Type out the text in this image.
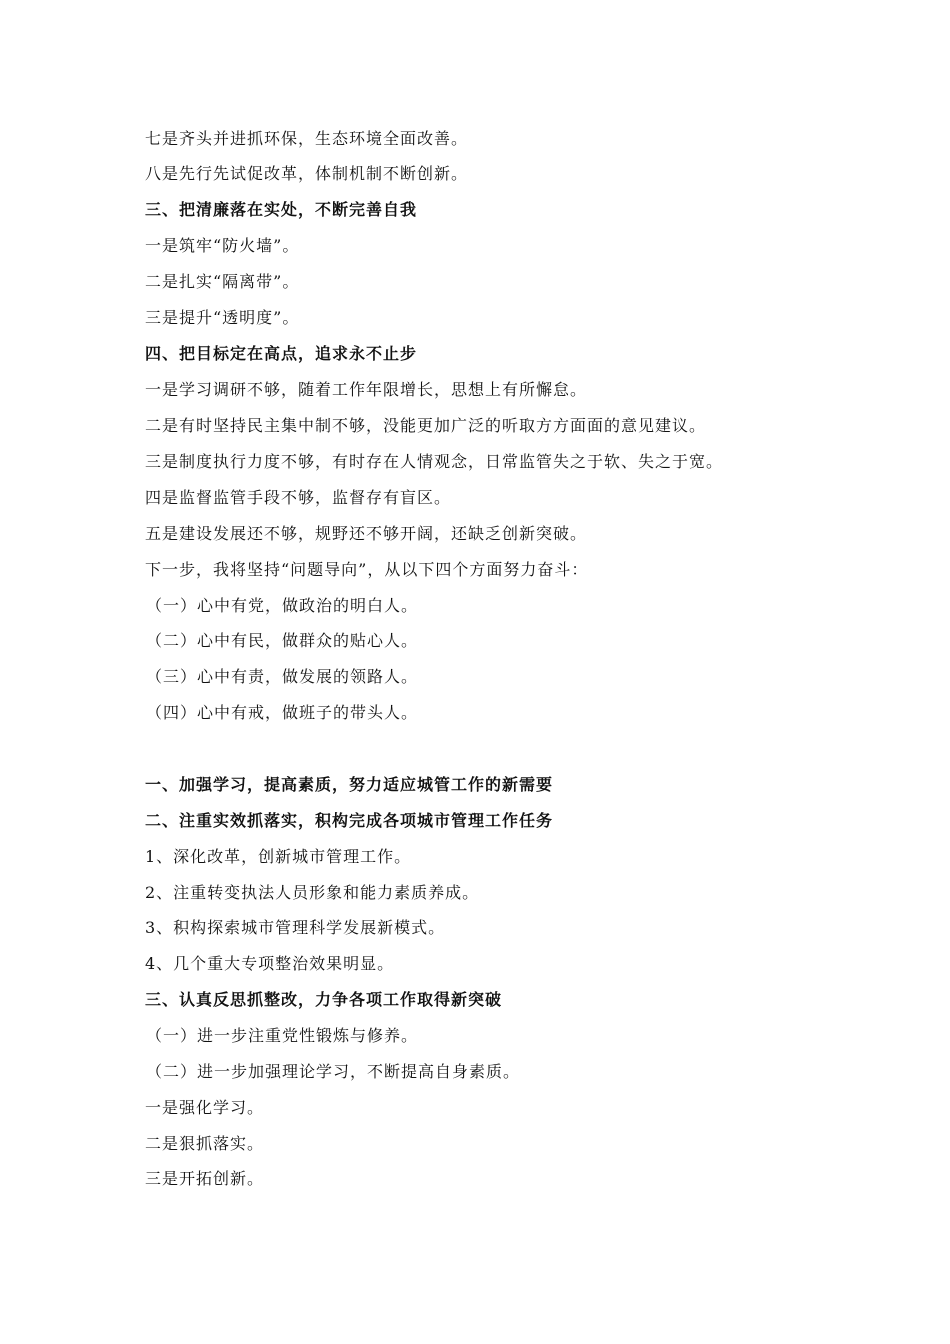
七是齐头并进抓环保，生态环境全面改善。
八是先行先试促改革，体制机制不断创新。
三、把清廉落在实处，不断完善自我
一是筑牢“防火墙”。
二是扎实“隔离带”。
三是提升“透明度”。
四、把目标定在高点，追求永不止步
一是学习调研不够，随着工作年限增长，思想上有所懈怠。
二是有时坚持民主集中制不够，没能更加广泛的听取方方面面的意见建议。
三是制度执行力度不够，有时存在人情观念，日常监管失之于软、失之于宽。
四是监督监管手段不够，监督存有盲区。
五是建设发展还不够，规野还不够开阔，还缺乏创新突破。
下一步，我将坚持“问题导向”，从以下四个方面努力奋斗：
（一）心中有党，做政治的明白人。
（二）心中有民，做群众的贴心人。
（三）心中有责，做发展的领路人。
（四）心中有戒，做班子的带头人。
一、加强学习，提高素质，努力适应城管工作的新需要
二、注重实效抓落实，积构完成各项城市管理工作任务
1、深化改革，创新城市管理工作。
2、注重转变执法人员形象和能力素质养成。
3、积构探索城市管理科学发展新模式。
4、几个重大专项整治效果明显。
三、认真反思抓整改，力争各项工作取得新突破
（一）进一步注重党性锻炼与修养。
（二）进一步加强理论学习，不断提高自身素质。
一是强化学习。
二是狠抓落实。
三是开拓创新。
